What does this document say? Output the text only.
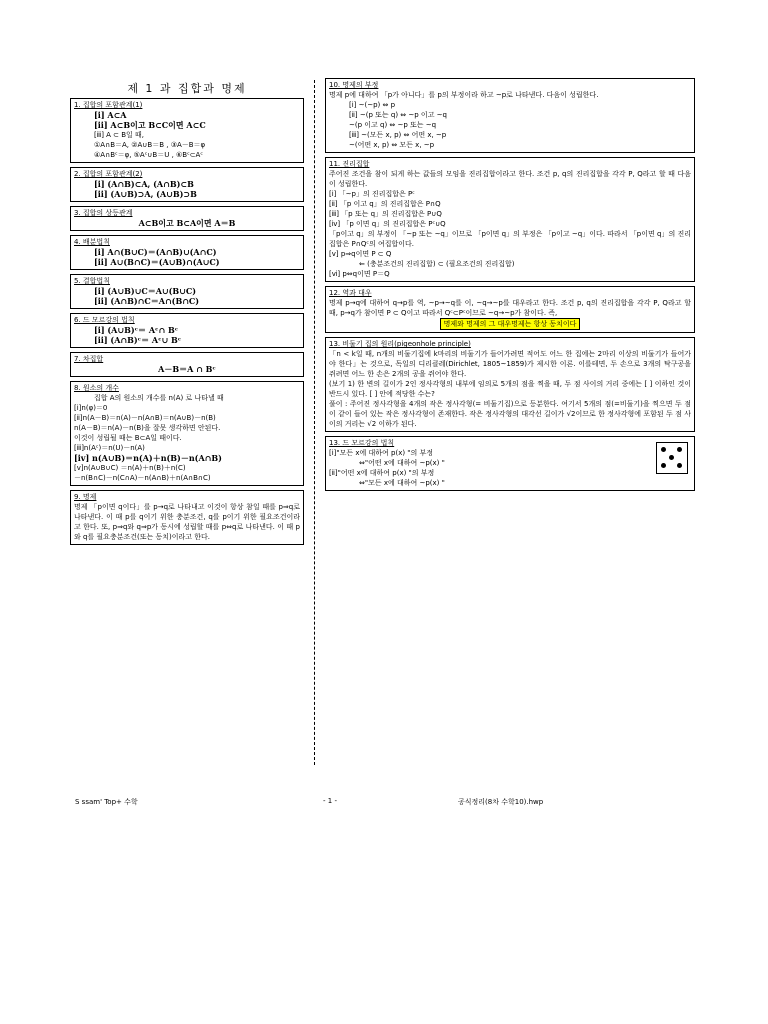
제 1 과 집합과 명제
1. 집합의 포함관계(1)
[ⅰ] A⊂A
[ⅱ] A⊂B이고 B⊂C이면 A⊂C
[ⅲ] A ⊂ B일 때,
①A∩B＝A, ②A∪B＝B , ③A－B＝φ
④A∩Bᶜ＝φ, ⑤Aᶜ∪B＝U , ⑥Bᶜ⊂Aᶜ
2. 집합의 포함관계(2)
[ⅰ] (A∩B)⊂A, (A∩B)⊂B
[ⅱ] (A∪B)⊃A, (A∪B)⊃B
3. 집합의 상등관계
A⊂B이고 B⊂A이면 A＝B
4. 배분법칙
[ⅰ] A∩(B∪C)＝(A∩B)∪(A∩C)
[ⅱ] A∪(B∩C)＝(A∪B)∩(A∪C)
5. 결합법칙
[ⅰ] (A∪B)∪C＝A∪(B∪C)
[ⅱ] (A∩B)∩C＝A∩(B∩C)
6. 드 모르강의 법칙
[ⅰ] (A∪B)ᶜ＝ Aᶜ∩ Bᶜ
[ⅱ] (A∩B)ᶜ＝ Aᶜ∪ Bᶜ
7. 차집합
A－B＝A ∩ Bᶜ
8. 원소의 개수
집합 A의 원소의 개수를 n(A) 로 나타낼 때
[ⅰ]n(φ)＝0
[ⅱ]n(A－B)＝n(A)－n(A∩B)＝n(A∪B)－n(B)
n(A－B)＝n(A)－n(B)을 잘못 생각하면 안된다.
이것이 성립될 때는 B⊂A일 때이다.
[ⅲ]n(Aᶜ)＝n(U)－n(A)
[ⅳ] n(A∪B)＝n(A)＋n(B)－n(A∩B)
[ⅴ]n(A∪B∪C) ＝n(A)＋n(B)＋n(C)
－n(B∩C)－n(C∩A)－n(A∩B)＋n(A∩B∩C)
9. 명제
명제 「p이면 q이다」를 p→q로 나타내고 이것이 항상 참일 때를 p⇒q로 나타낸다. 이 때 p를 q이기 위한 충분조건, q를 p이기 위한 필요조건이라고 한다. 또, p⇒q와 q⇒p가 동시에 성립할 때를 p⇔q로 나타낸다. 이 때 p와 q를 필요충분조건(또는 동치)이라고 한다.
10. 명제의 부정
명제 p에 대하여 「p가 아니다」를 p의 부정이라 하고 ~p로 나타낸다. 다음이 성립한다.
[ⅰ] ~(~p) ⇔ p
[ⅱ] ~(p 또는 q) ⇔ ~p 이고 ~q
~(p 이고 q) ⇔ ~p 또는 ~q
[ⅲ] ~(모든 x, p) ⇔ 어떤 x, ~p
~(어떤 x, p) ⇔ 모든 x, ~p
11. 진리집합
주어진 조건을 참이 되게 하는 값들의 모임을 진리집합이라고 한다. 조건 p, q의 진리집합을 각각 P, Q라고 할 때 다음이 성립한다.
[ⅰ] 「~p」의 진리집합은 Pᶜ
[ⅱ] 「p 이고 q」의 진리집합은 P∩Q
[ⅲ] 「p 또는 q」의 진리집합은 P∪Q
[ⅳ] 「p 이면 q」의 진리집합은 Pᶜ∪Q
「p이고 q」의 부정이 「~p 또는 ~q」이므로 「p이면 q」의 부정은 「p이고 ~q」이다. 따라서 「p이면 q」의 진리집합은 P∩Qᶜ의 여집합이다.
[ⅴ] p⇒q이면 P ⊂ Q
⇐ (충분조건의 진리집합) ⊂ (필요조건의 진리집합)
[ⅵ] p⇔q이면 P＝Q
12. 역과 대우
명제 p→q에 대하여 q→p를 역, ~p→~q를 이, ~q→~p를 대우라고 한다. 조건 p, q의 진리집합을 각각 P, Q라고 할 때, p→q가 참이면 P ⊂ Q이고 따라서 Qᶜ⊂Pᶜ이므로 ~q→~p가 참이다. 즉,
명제와 명제의 그 대우명제는 항상 동치이다
13. 비둘기 집의 원리(pigeonhole principle)
「n < k일 때, n개의 비둘기집에 k마리의 비둘기가 들어가려면 적어도 어느 한 집에는 2마리 이상의 비둘기가 들어가야 한다」는 것으로, 독일의 디리클레(Dirichlet, 1805~1859)가 제시한 이론. 이를테면, 두 손으로 3개의 탁구공을 쥐려면 어느 한 손은 2개의 공을 쥐어야 한다.
(보기 1) 한 변의 길이가 2인 정사각형의 내부에 임의로 5개의 점을 찍을 때, 두 점 사이의 거리 중에는 [ ] 이하인 것이 반드시 있다. [ ] 안에 적당한 수는?
풀이 : 주어진 정사각형을 4개의 작은 정사각형(= 비둘기집)으로 등분한다. 여기서 5개의 점(=비둘기)을 찍으면 두 점이 같이 들어 있는 작은 정사각형이 존재한다. 작은 정사각형의 대각선 길이가 √2이므로 한 정사각형에 포함된 두 점 사이의 거리는 √2 이하가 된다.
13. 드 모르강의 법칙
[ⅰ]"모든 x에 대하여 p(x) "의 부정
⇔"어떤 x에 대하여 ~p(x) "
[ⅱ]"어떤 x에 대하여 p(x) "의 부정
⇔"모든 x에 대하여 ~p(x) "
S ssam' Top+ 수학	- 1 -	공식정리(8차 수학10).hwp
